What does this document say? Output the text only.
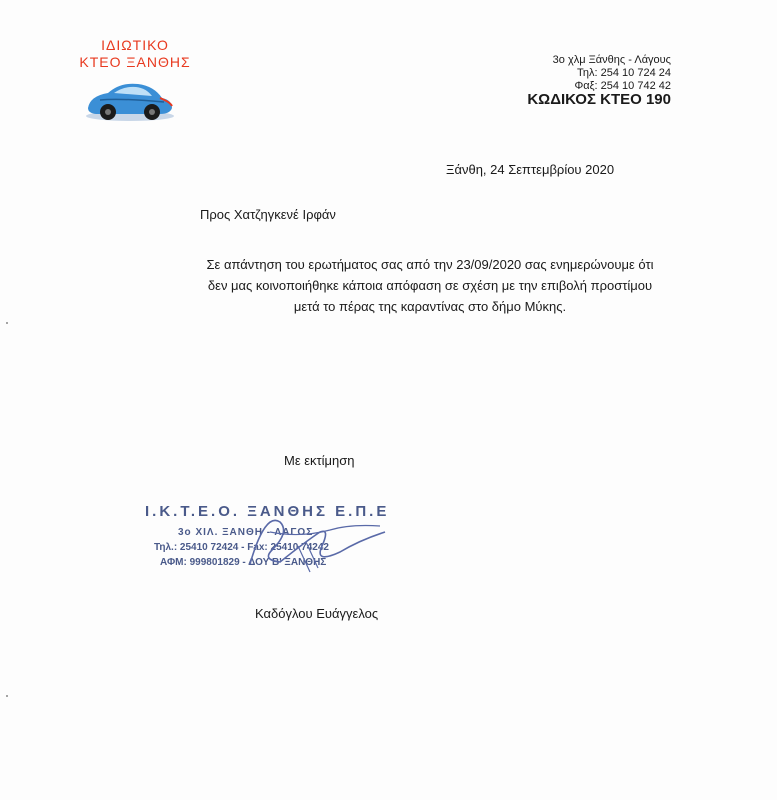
ΙΔΙΩΤΙΚΟ
ΚΤΕΟ ΞΑΝΘΗΣ	3ο χλμ Ξάνθης - Λάγους
Τηλ: 254 10 724 24
Φαξ: 254 10 742 42
ΚΩΔΙΚΟΣ ΚΤΕΟ 190
Ξάνθη, 24 Σεπτεμβρίου 2020
Προς Χατζηγκενέ Ιρφάν
Σε απάντηση του ερωτήματος σας από την 23/09/2020 σας ενημερώνουμε ότι δεν μας κοινοποιήθηκε κάποια απόφαση σε σχέση με την επιβολή προστίμου μετά το πέρας της καραντίνας στο δήμο Μύκης.
Με εκτίμηση
Ι.Κ.Τ.Ε.Ο. ΞΑΝΘΗΣ Ε.Π.Ε
3ο ΧΙΛ. ΞΑΝΘΗ - ΛΑΓΟΣ
Τηλ.: 25410 72424 - Fax: 25410 74242
ΑΦΜ: 999801829 - ΔΟΥ Β' ΞΑΝΘΗΣ
Καδόγλου Ευάγγελος
